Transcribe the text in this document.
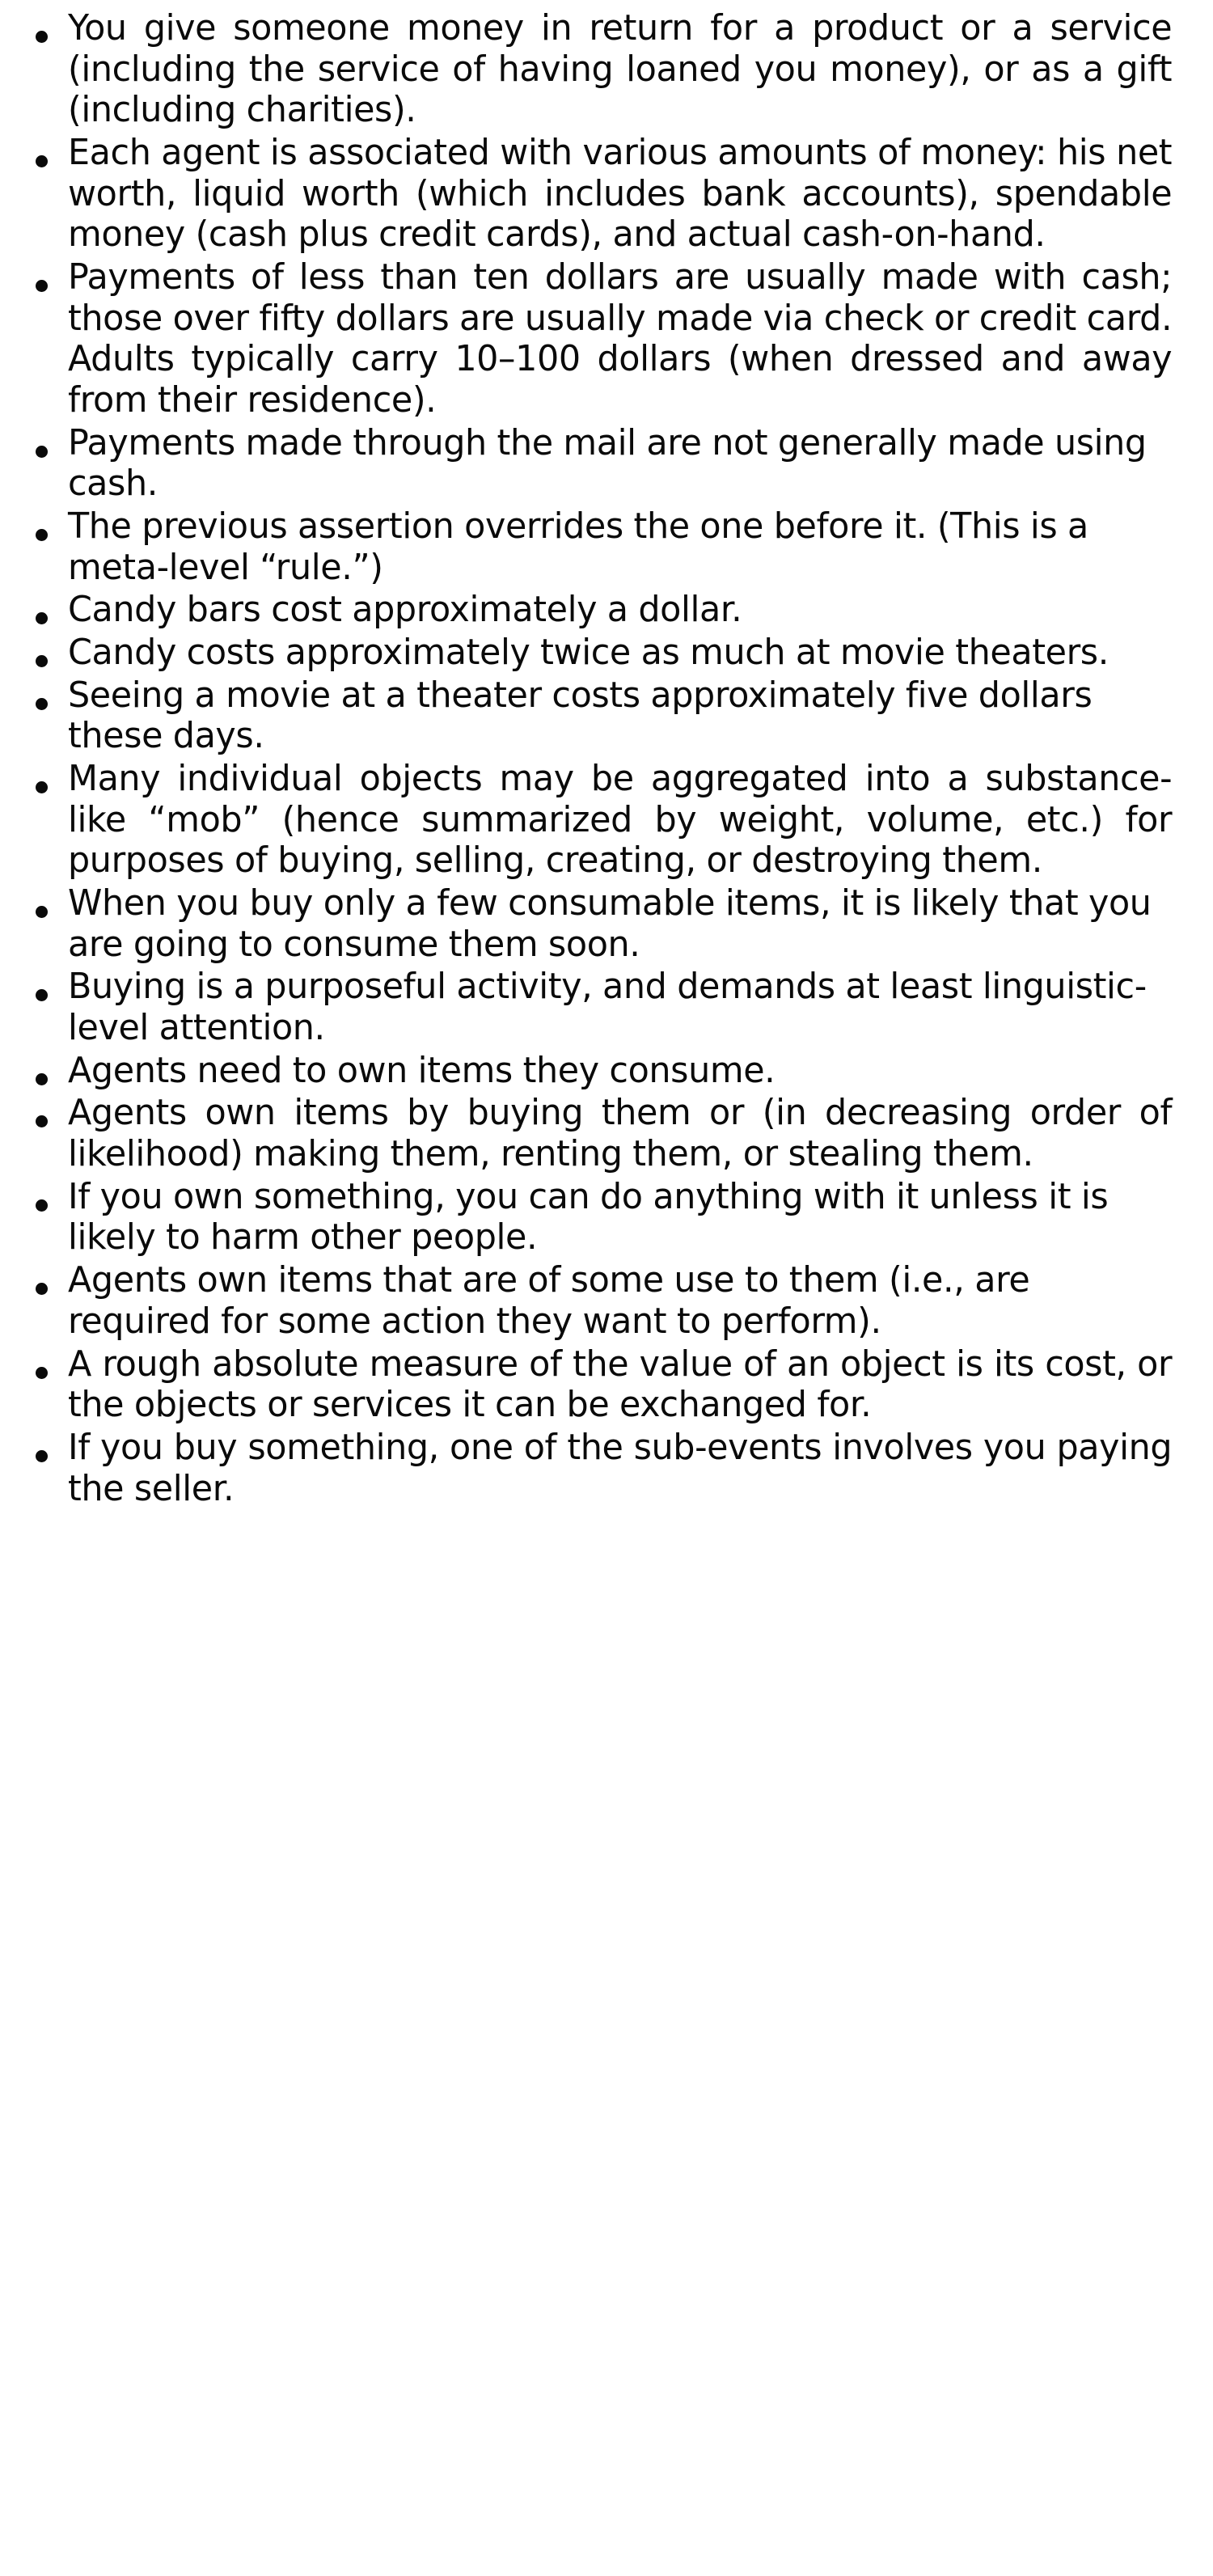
You give someone money in return for a product or a service (including the service of having loaned you money), or as a gift (including charities).
Each agent is associated with various amounts of money: his net worth, liquid worth (which includes bank accounts), spendable money (cash plus credit cards), and actual cash-on-hand.
Payments of less than ten dollars are usually made with cash; those over fifty dollars are usually made via check or credit card. Adults typically carry 10–100 dollars (when dressed and away from their residence).
Payments made through the mail are not generally made using cash.
The previous assertion overrides the one before it. (This is a meta-level “rule.”)
Candy bars cost approximately a dollar.
Candy costs approximately twice as much at movie theaters.
Seeing a movie at a theater costs approximately five dollars these days.
Many individual objects may be aggregated into a substance-like “mob” (hence summarized by weight, volume, etc.) for purposes of buying, selling, creating, or destroying them.
When you buy only a few consumable items, it is likely that you are going to consume them soon.
Buying is a purposeful activity, and demands at least linguistic-level attention.
Agents need to own items they consume.
Agents own items by buying them or (in decreasing order of likelihood) making them, renting them, or stealing them.
If you own something, you can do anything with it unless it is likely to harm other people.
Agents own items that are of some use to them (i.e., are required for some action they want to perform).
A rough absolute measure of the value of an object is its cost, or the objects or services it can be exchanged for.
If you buy something, one of the sub-events involves you paying the seller.
